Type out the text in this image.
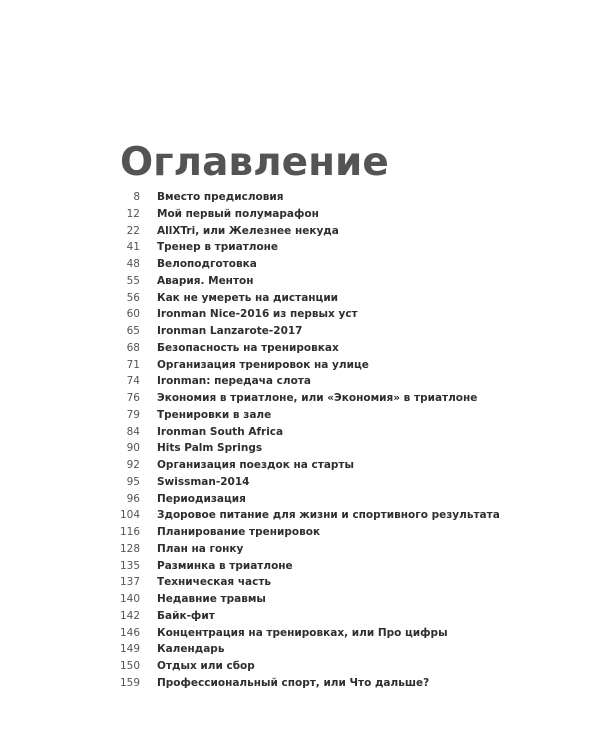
Оглавление
8 Вместо предисловия
12 Мой первый полумарафон
22 AllXTri, или Железнее некуда
41 Тренер в триатлоне
48 Велоподготовка
55 Авария. Ментон
56 Как не умереть на дистанции
60 Ironman Nice-2016 из первых уст
65 Ironman Lanzarote-2017
68 Безопасность на тренировках
71 Организация тренировок на улице
74 Ironman: передача слота
76 Экономия в триатлоне, или «Экономия» в триатлоне
79 Тренировки в зале
84 Ironman South Africa
90 Hits Palm Springs
92 Организация поездок на старты
95 Swissman-2014
96 Периодизация
104 Здоровое питание для жизни и спортивного результата
116 Планирование тренировок
128 План на гонку
135 Разминка в триатлоне
137 Техническая часть
140 Недавние травмы
142 Байк-фит
146 Концентрация на тренировках, или Про цифры
149 Календарь
150 Отдых или сбор
159 Профессиональный спорт, или Что дальше?
